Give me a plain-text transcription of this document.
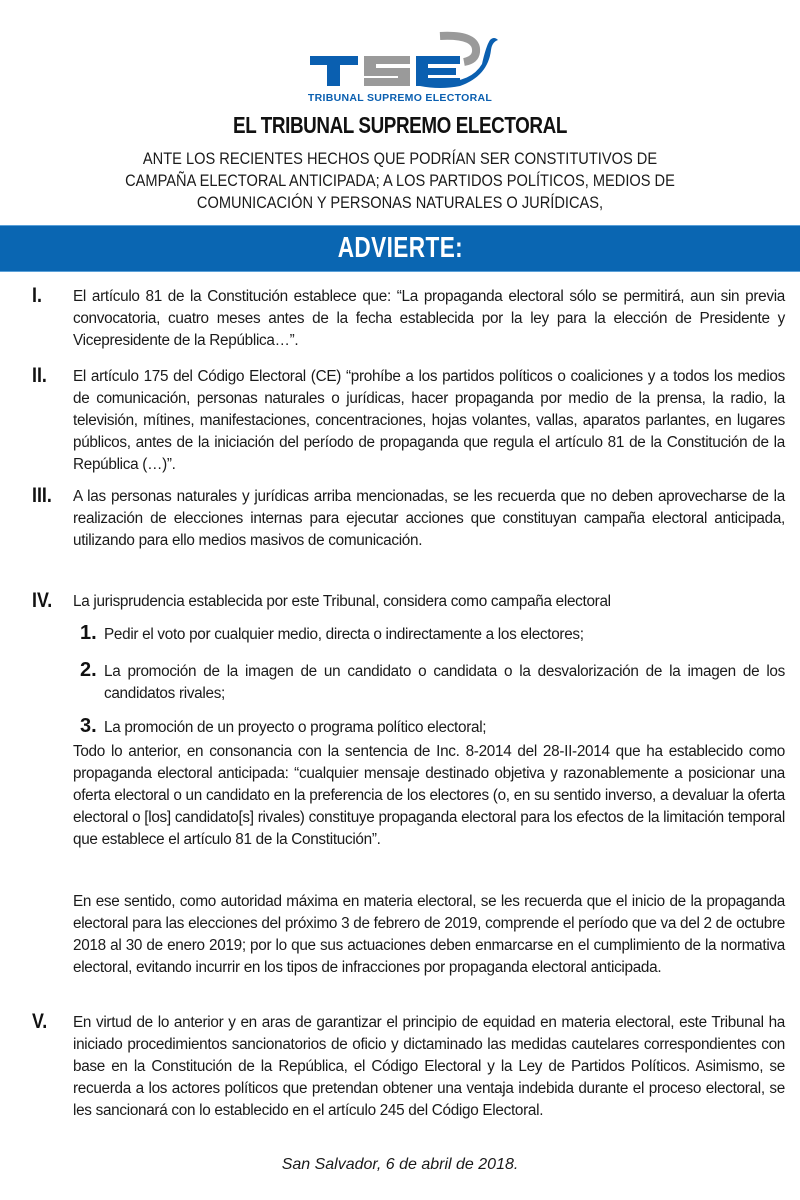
TRIBUNAL SUPREMO ELECTORAL
EL TRIBUNAL SUPREMO ELECTORAL
ANTE LOS RECIENTES HECHOS QUE PODRÍAN SER CONSTITUTIVOS DE CAMPAÑA ELECTORAL ANTICIPADA; A LOS PARTIDOS POLÍTICOS, MEDIOS DE COMUNICACIÓN Y PERSONAS NATURALES O JURÍDICAS,
ADVIERTE:
I. El artículo 81 de la Constitución establece que: “La propaganda electoral sólo se permitirá, aun sin previa convocatoria, cuatro meses antes de la fecha establecida por la ley para la elección de Presidente y Vicepresidente de la República…”.
II. El artículo 175 del Código Electoral (CE) “prohíbe a los partidos políticos o coaliciones y a todos los medios de comunicación, personas naturales o jurídicas, hacer propaganda por medio de la prensa, la radio, la televisión, mítines, manifestaciones, concentraciones, hojas volantes, vallas, aparatos parlantes, en lugares públicos, antes de la iniciación del período de propaganda que regula el artículo 81 de la Constitución de la República (…)”.
III. A las personas naturales y jurídicas arriba mencionadas, se les recuerda que no deben aprovecharse de la realización de elecciones internas para ejecutar acciones que constituyan campaña electoral anticipada, utilizando para ello medios masivos de comunicación.
IV. La jurisprudencia establecida por este Tribunal, considera como campaña electoral
1. Pedir el voto por cualquier medio, directa o indirectamente a los electores;
2. La promoción de la imagen de un candidato o candidata o la desvalorización de la imagen de los candidatos rivales;
3. La promoción de un proyecto o programa político electoral;
Todo lo anterior, en consonancia con la sentencia de Inc. 8-2014 del 28-II-2014 que ha establecido como propaganda electoral anticipada: “cualquier mensaje destinado objetiva y razonablemente a posicionar una oferta electoral o un candidato en la preferencia de los electores (o, en su sentido inverso, a devaluar la oferta electoral o [los] candidato[s] rivales) constituye propaganda electoral para los efectos de la limitación temporal que establece el artículo 81 de la Constitución”.
En ese sentido, como autoridad máxima en materia electoral, se les recuerda que el inicio de la propaganda electoral para las elecciones del próximo 3 de febrero de 2019, comprende el período que va del 2 de octubre 2018 al 30 de enero 2019; por lo que sus actuaciones deben enmarcarse en el cumplimiento de la normativa electoral, evitando incurrir en los tipos de infracciones por propaganda electoral anticipada.
V. En virtud de lo anterior y en aras de garantizar el principio de equidad en materia electoral, este Tribunal ha iniciado procedimientos sancionatorios de oficio y dictaminado las medidas cautelares correspondientes con base en la Constitución de la República, el Código Electoral y la Ley de Partidos Políticos. Asimismo, se recuerda a los actores políticos que pretendan obtener una ventaja indebida durante el proceso electoral, se les sancionará con lo establecido en el artículo 245 del Código Electoral.
San Salvador, 6 de abril de 2018.
